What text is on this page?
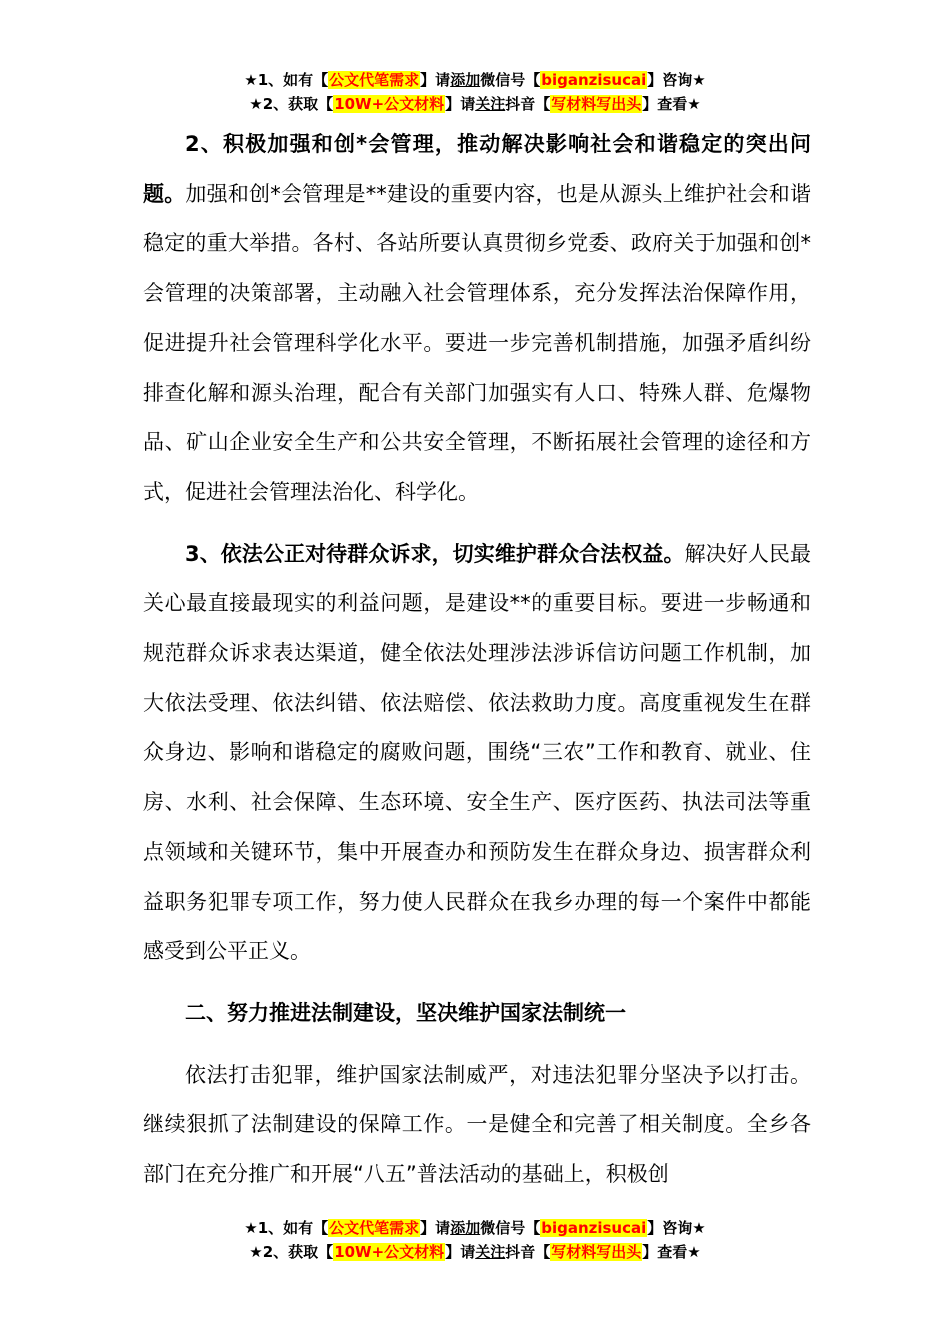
★1、如有【公文代笔需求】请添加微信号【biganzisucai】咨询★
★2、获取【10W+公文材料】请关注抖音【写材料写出头】查看★

2、积极加强和创*会管理，推动解决影响社会和谐稳定的突出问题。加强和创*会管理是**建设的重要内容，也是从源头上维护社会和谐稳定的重大举措。各村、各站所要认真贯彻乡党委、政府关于加强和创*会管理的决策部署，主动融入社会管理体系，充分发挥法治保障作用，促进提升社会管理科学化水平。要进一步完善机制措施，加强矛盾纠纷排查化解和源头治理，配合有关部门加强实有人口、特殊人群、危爆物品、矿山企业安全生产和公共安全管理，不断拓展社会管理的途径和方式，促进社会管理法治化、科学化。

3、依法公正对待群众诉求，切实维护群众合法权益。解决好人民最关心最直接最现实的利益问题，是建设**的重要目标。要进一步畅通和规范群众诉求表达渠道，健全依法处理涉法涉诉信访问题工作机制，加大依法受理、依法纠错、依法赔偿、依法救助力度。高度重视发生在群众身边、影响和谐稳定的腐败问题，围绕“三农”工作和教育、就业、住房、水利、社会保障、生态环境、安全生产、医疗医药、执法司法等重点领域和关键环节，集中开展查办和预防发生在群众身边、损害群众利益职务犯罪专项工作，努力使人民群众在我乡办理的每一个案件中都能感受到公平正义。

二、努力推进法制建设，坚决维护国家法制统一

依法打击犯罪，维护国家法制威严，对违法犯罪分坚决予以打击。继续狠抓了法制建设的保障工作。一是健全和完善了相关制度。全乡各部门在充分推广和开展“八五”普法活动的基础上，积极创

★1、如有【公文代笔需求】请添加微信号【biganzisucai】咨询★
★2、获取【10W+公文材料】请关注抖音【写材料写出头】查看★
